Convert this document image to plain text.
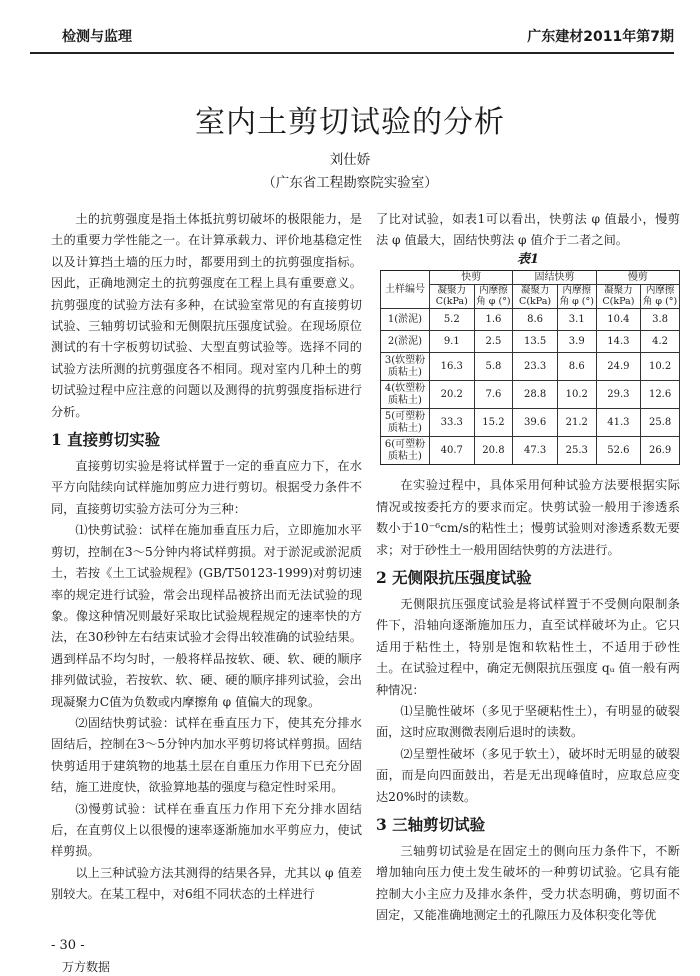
检测与监理	广东建材2011年第7期
室内土剪切试验的分析
刘仕娇
（广东省工程勘察院实验室）

土的抗剪强度是指土体抵抗剪切破坏的极限能力，是土的重要力学性能之一。在计算承载力、评价地基稳定性以及计算挡土墙的压力时，都要用到土的抗剪强度指标。因此，正确地测定土的抗剪强度在工程上具有重要意义。抗剪强度的试验方法有多种，在试验室常见的有直接剪切试验、三轴剪切试验和无侧限抗压强度试验。在现场原位测试的有十字板剪切试验、大型直剪试验等。选择不同的试验方法所测的抗剪强度各不相同。现对室内几种土的剪切试验过程中应注意的问题以及测得的抗剪强度指标进行分析。

1 直接剪切实验

直接剪切实验是将试样置于一定的垂直应力下，在水平方向陆续向试样施加剪应力进行剪切。根据受力条件不同，直接剪切实验方法可分为三种：

⑴快剪试验：试样在施加垂直压力后，立即施加水平剪切，控制在3～5分钟内将试样剪损。对于淤泥或淤泥质土，若按《土工试验规程》(GB/T50123-1999)对剪切速率的规定进行试验，常会出现样品被挤出而无法试验的现象。像这种情况则最好采取比试验规程规定的速率快的方法，在30秒钟左右结束试验才会得出较准确的试验结果。遇到样品不均匀时，一般将样品按软、硬、软、硬的顺序排列做试验，若按软、软、硬、硬的顺序排列试验，会出现凝聚力C值为负数或内摩擦角 φ 值偏大的现象。

⑵固结快剪试验：试样在垂直压力下，使其充分排水固结后，控制在3～5分钟内加水平剪切将试样剪损。固结快剪适用于建筑物的地基土层在自重压力作用下已充分固结，施工进度快，欲验算地基的强度与稳定性时采用。

⑶慢剪试验：试样在垂直压力作用下充分排水固结后，在直剪仪上以很慢的速率逐渐施加水平剪应力，使试样剪损。

以上三种试验方法其测得的结果各异，尤其以 φ 值差别较大。在某工程中，对6组不同状态的土样进行

了比对试验，如表1可以看出，快剪法 φ 值最小，慢剪法 φ 值最大，固结快剪法 φ 值介于二者之间。

表1
土样编号	快剪		固结快剪		慢剪	
	凝聚力C(kPa)	内摩擦角 φ (°)	凝聚力C(kPa)	内摩擦角 φ (°)	凝聚力C(kPa)	内摩擦角 φ (°)
1(淤泥)	5.2	1.6	8.6	3.1	10.4	3.8
2(淤泥)	9.1	2.5	13.5	3.9	14.3	4.2
3(软塑粉质粘土)	16.3	5.8	23.3	8.6	24.9	10.2
4(软塑粉质粘土)	20.2	7.6	28.8	10.2	29.3	12.6
5(可塑粉质粘土)	33.3	15.2	39.6	21.2	41.3	25.8
6(可塑粉质粘土)	40.7	20.8	47.3	25.3	52.6	26.9

在实验过程中，具体采用何种试验方法要根据实际情况或按委托方的要求而定。快剪试验一般用于渗透系数小于10⁻⁶cm/s的粘性土；慢剪试验则对渗透系数无要求；对于砂性土一般用固结快剪的方法进行。

2 无侧限抗压强度试验

无侧限抗压强度试验是将试样置于不受侧向限制条件下，沿轴向逐渐施加压力，直至试样破坏为止。它只适用于粘性土，特别是饱和软粘性土，不适用于砂性土。在试验过程中，确定无侧限抗压强度 qᵤ 值一般有两种情况：

⑴呈脆性破坏（多见于坚硬粘性土），有明显的破裂面，这时应取测微表刚后退时的读数。

⑵呈塑性破坏（多见于软土），破坏时无明显的破裂面，而是向四面鼓出，若是无出现峰值时，应取总应变达20%时的读数。

3 三轴剪切试验

三轴剪切试验是在固定土的侧向压力条件下，不断增加轴向压力使土发生破坏的一种剪切试验。它具有能控制大小主应力及排水条件，受力状态明确，剪切面不固定，又能准确地测定土的孔隙压力及体积变化等优

- 30 -
万方数据
